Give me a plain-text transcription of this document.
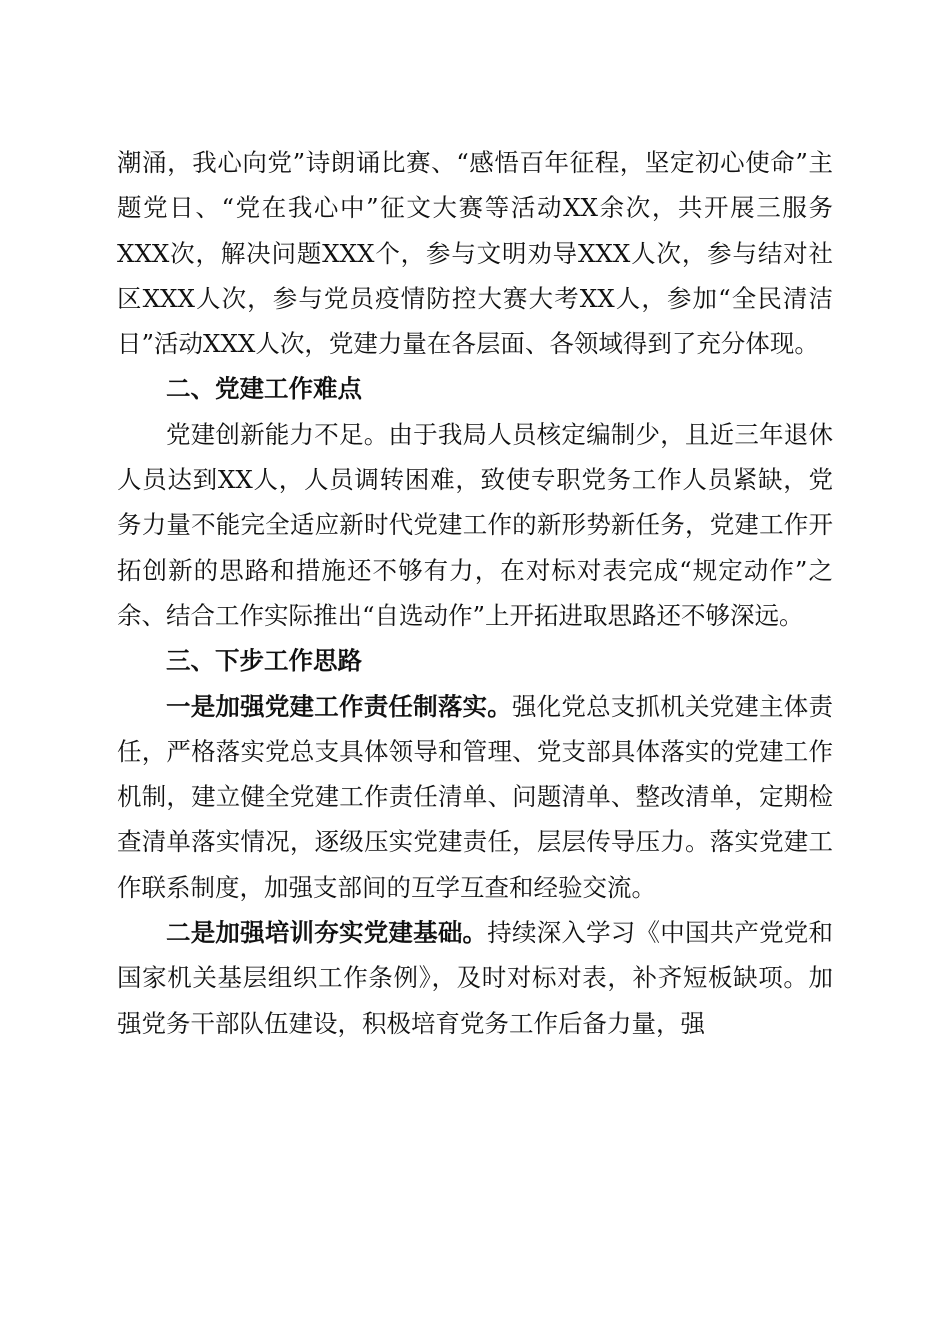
潮涌，我心向党”诗朗诵比赛、“感悟百年征程，坚定初心使命”主题党日、“党在我心中”征文大赛等活动XX余次，共开展三服务XXX次，解决问题XXX个，参与文明劝导XXX人次，参与结对社区XXX人次，参与党员疫情防控大赛大考XX人，参加“全民清洁日”活动XXX人次，党建力量在各层面、各领域得到了充分体现。

二、党建工作难点

党建创新能力不足。由于我局人员核定编制少，且近三年退休人员达到XX人，人员调转困难，致使专职党务工作人员紧缺，党务力量不能完全适应新时代党建工作的新形势新任务，党建工作开拓创新的思路和措施还不够有力，在对标对表完成“规定动作”之余、结合工作实际推出“自选动作”上开拓进取思路还不够深远。

三、下步工作思路

一是加强党建工作责任制落实。强化党总支抓机关党建主体责任，严格落实党总支具体领导和管理、党支部具体落实的党建工作机制，建立健全党建工作责任清单、问题清单、整改清单，定期检查清单落实情况，逐级压实党建责任，层层传导压力。落实党建工作联系制度，加强支部间的互学互查和经验交流。

二是加强培训夯实党建基础。持续深入学习《中国共产党党和国家机关基层组织工作条例》，及时对标对表，补齐短板缺项。加强党务干部队伍建设，积极培育党务工作后备力量，强
